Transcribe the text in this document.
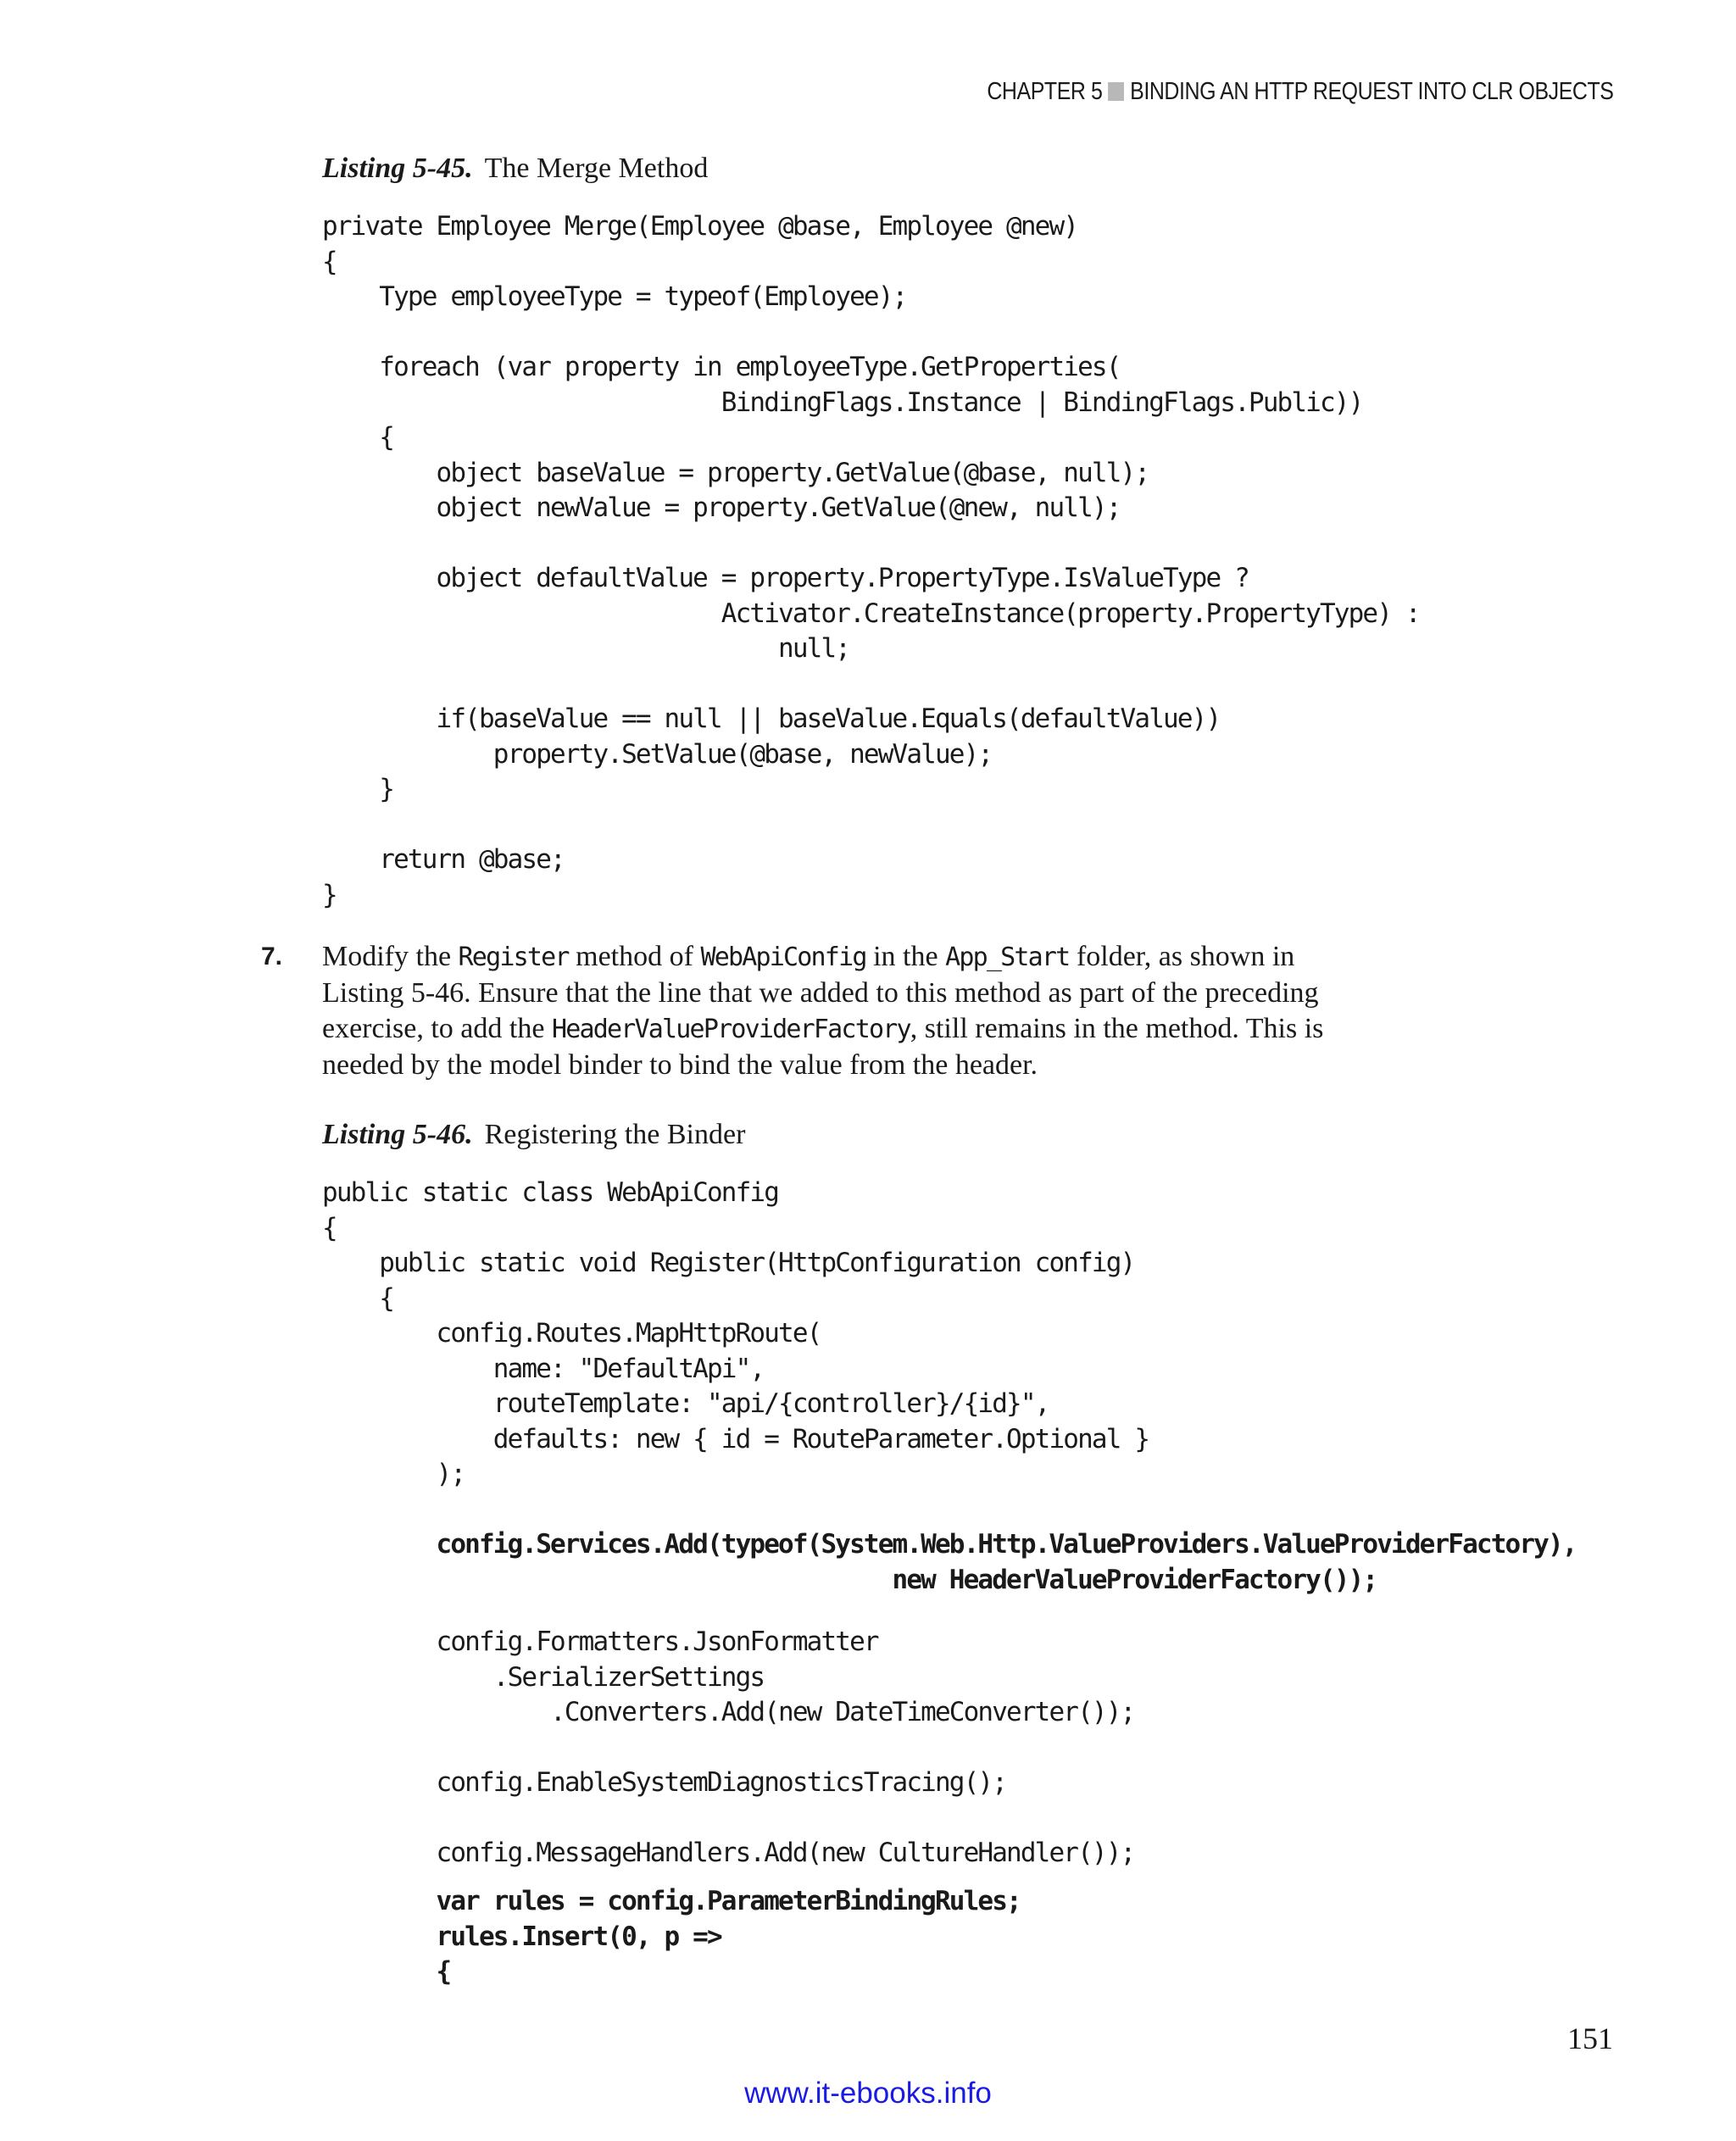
CHAPTER 5 BINDING AN HTTP REQUEST INTO CLR OBJECTS
Listing 5-45. The Merge Method
private Employee Merge(Employee @base, Employee @new)
{
Type employeeType = typeof(Employee);

foreach (var property in employeeType.GetProperties(
BindingFlags.Instance | BindingFlags.Public))
{
object baseValue = property.GetValue(@base, null);
object newValue = property.GetValue(@new, null);

object defaultValue = property.PropertyType.IsValueType ?
Activator.CreateInstance(property.PropertyType) :
null;

if(baseValue == null || baseValue.Equals(defaultValue))
property.SetValue(@base, newValue);
}

return @base;
}
7. Modify the Register method of WebApiConfig in the App_Start folder, as shown in
Listing 5-46. Ensure that the line that we added to this method as part of the preceding
exercise, to add the HeaderValueProviderFactory, still remains in the method. This is
needed by the model binder to bind the value from the header.
Listing 5-46. Registering the Binder
public static class WebApiConfig
{
public static void Register(HttpConfiguration config)
{
config.Routes.MapHttpRoute(
name: "DefaultApi",
routeTemplate: "api/{controller}/{id}",
defaults: new { id = RouteParameter.Optional }
);
config.Services.Add(typeof(System.Web.Http.ValueProviders.ValueProviderFactory),
new HeaderValueProviderFactory());
config.Formatters.JsonFormatter
.SerializerSettings
.Converters.Add(new DateTimeConverter());

config.EnableSystemDiagnosticsTracing();

config.MessageHandlers.Add(new CultureHandler());
var rules = config.ParameterBindingRules;
rules.Insert(0, p =>
{
151
www.it-ebooks.info
